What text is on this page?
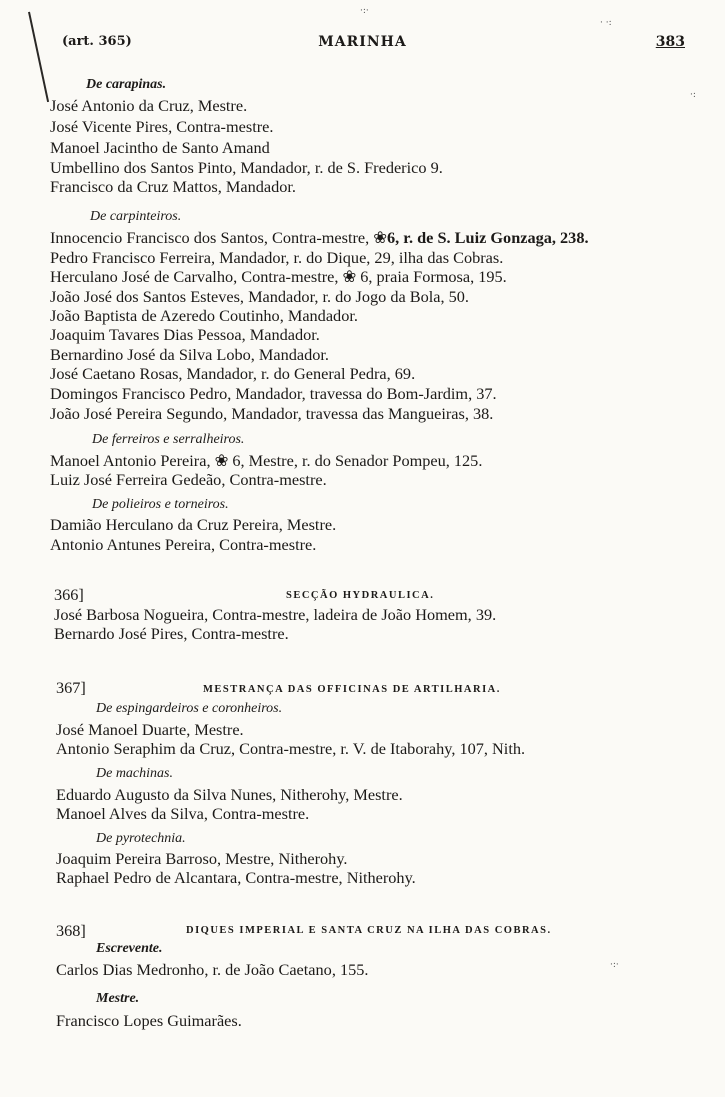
·:·
· ·:
·:
·:·
(art. 365)	MARINHA	383
De carapinas.
José Antonio da Cruz, Mestre.
José Vicente Pires, Contra-mestre.
Manoel Jacintho de Santo Amand
Umbellino dos Santos Pinto, Mandador, r. de S. Frederico 9.
Francisco da Cruz Mattos, Mandador.
De carpinteiros.
Innocencio Francisco dos Santos, Contra-mestre, ❀6, r. de S. Luiz Gonzaga, 238.
Pedro Francisco Ferreira, Mandador, r. do Dique, 29, ilha das Cobras.
Herculano José de Carvalho, Contra-mestre, ❀ 6, praia Formosa, 195.
João José dos Santos Esteves, Mandador, r. do Jogo da Bola, 50.
João Baptista de Azeredo Coutinho, Mandador.
Joaquim Tavares Dias Pessoa, Mandador.
Bernardino José da Silva Lobo, Mandador.
José Caetano Rosas, Mandador, r. do General Pedra, 69.
Domingos Francisco Pedro, Mandador, travessa do Bom-Jardim, 37.
João José Pereira Segundo, Mandador, travessa das Mangueiras, 38.
De ferreiros e serralheiros.
Manoel Antonio Pereira, ❀ 6, Mestre, r. do Senador Pompeu, 125.
Luiz José Ferreira Gedeão, Contra-mestre.
De polieiros e torneiros.
Damião Herculano da Cruz Pereira, Mestre.
Antonio Antunes Pereira, Contra-mestre.
366]	SECÇÃO HYDRAULICA.
José Barbosa Nogueira, Contra-mestre, ladeira de João Homem, 39.
Bernardo José Pires, Contra-mestre.
367]	MESTRANÇA DAS OFFICINAS DE ARTILHARIA.
De espingardeiros e coronheiros.
José Manoel Duarte, Mestre.
Antonio Seraphim da Cruz, Contra-mestre, r. V. de Itaborahy, 107, Nith.
De machinas.
Eduardo Augusto da Silva Nunes, Nitherohy, Mestre.
Manoel Alves da Silva, Contra-mestre.
De pyrotechnia.
Joaquim Pereira Barroso, Mestre, Nitherohy.
Raphael Pedro de Alcantara, Contra-mestre, Nitherohy.
368]	DIQUES IMPERIAL E SANTA CRUZ NA ILHA DAS COBRAS.
Escrevente.
Carlos Dias Medronho, r. de João Caetano, 155.
Mestre.
Francisco Lopes Guimarães.
